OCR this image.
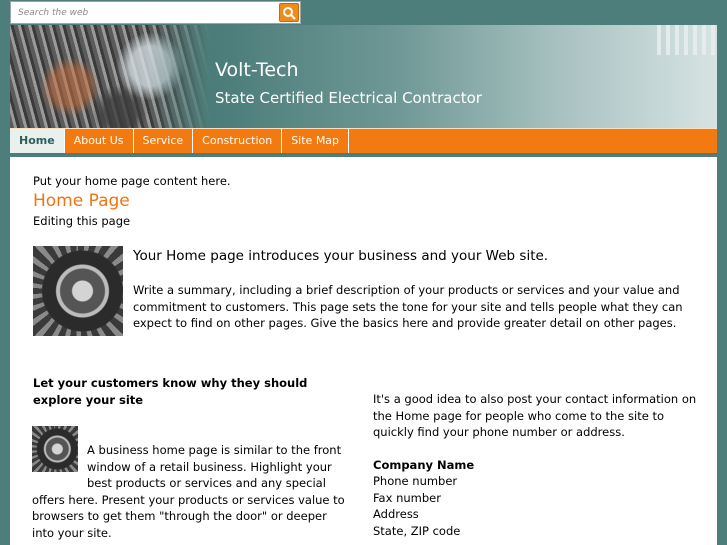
Search the web
Volt-Tech
State Certified Electrical Contractor
Home	About Us	Service	Construction	Site Map
Put your home page content here.
Home Page
Editing this page
Your Home page introduces your business and your Web site.
Write a summary, including a brief description of your products or services and your value and commitment to customers. This page sets the tone for your site and tells people what they can expect to find on other pages. Give the basics here and provide greater detail on other pages.
Let your customers know why they should explore your site
A business home page is similar to the front window of a retail business. Highlight your best products or services and any special offers here. Present your products or services value to browsers to get them "through the door" or deeper into your site.

It's a good idea to also post your contact information on the Home page for people who come to the site to quickly find your phone number or address.

Company Name
Phone number
Fax number
Address
State, ZIP code
